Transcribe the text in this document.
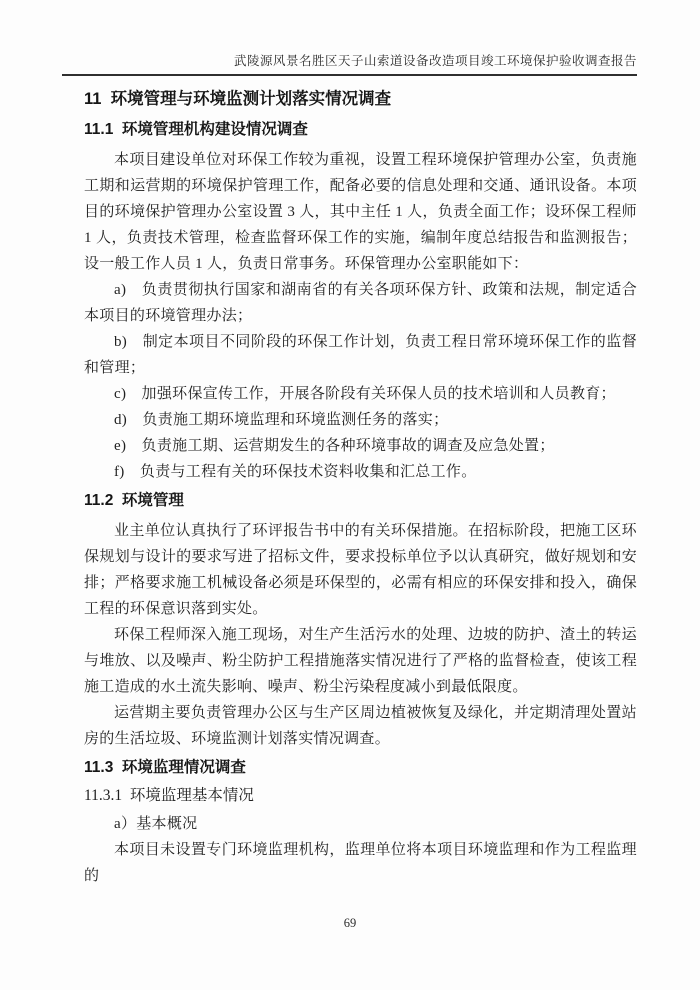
武陵源风景名胜区天子山索道设备改造项目竣工环境保护验收调查报告
11  环境管理与环境监测计划落实情况调查
11.1  环境管理机构建设情况调查

本项目建设单位对环保工作较为重视，设置工程环境保护管理办公室，负责施工期和运营期的环境保护管理工作，配备必要的信息处理和交通、通讯设备。本项目的环境保护管理办公室设置 3 人，其中主任 1 人，负责全面工作；设环保工程师 1 人，负责技术管理，检查监督环保工作的实施，编制年度总结报告和监测报告；设一般工作人员 1 人，负责日常事务。环保管理办公室职能如下：

a)　负责贯彻执行国家和湖南省的有关各项环保方针、政策和法规，制定适合本项目的环境管理办法；

b)　制定本项目不同阶段的环保工作计划，负责工程日常环境环保工作的监督和管理；

c)　加强环保宣传工作，开展各阶段有关环保人员的技术培训和人员教育；

d)　负责施工期环境监理和环境监测任务的落实；

e)　负责施工期、运营期发生的各种环境事故的调查及应急处置；

f)　负责与工程有关的环保技术资料收集和汇总工作。

11.2  环境管理

业主单位认真执行了环评报告书中的有关环保措施。在招标阶段，把施工区环保规划与设计的要求写进了招标文件，要求投标单位予以认真研究，做好规划和安排；严格要求施工机械设备必须是环保型的，必需有相应的环保安排和投入，确保工程的环保意识落到实处。

环保工程师深入施工现场，对生产生活污水的处理、边坡的防护、渣土的转运与堆放、以及噪声、粉尘防护工程措施落实情况进行了严格的监督检查，使该工程施工造成的水土流失影响、噪声、粉尘污染程度减小到最低限度。

运营期主要负责管理办公区与生产区周边植被恢复及绿化，并定期清理处置站房的生活垃圾、环境监测计划落实情况调查。

11.3  环境监理情况调查
11.3.1  环境监理基本情况

a）基本概况

本项目未设置专门环境监理机构，监理单位将本项目环境监理和作为工程监理的

69
